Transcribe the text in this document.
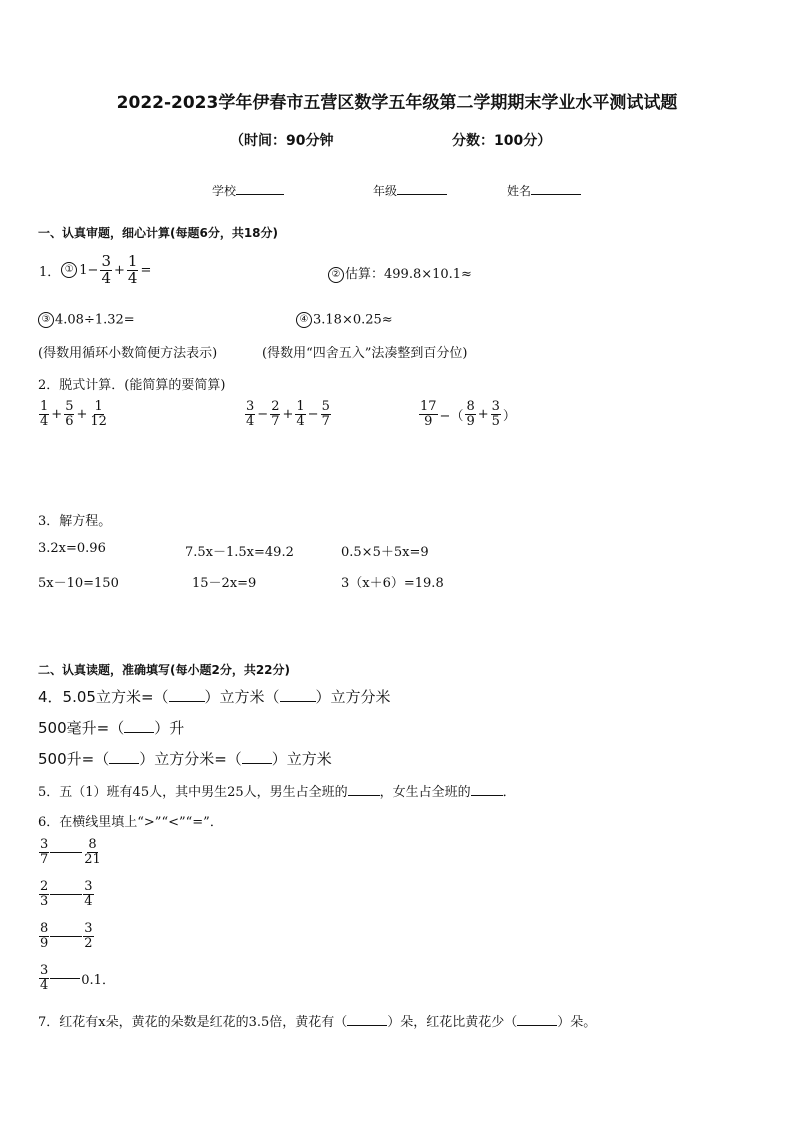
2022-2023学年伊春市五营区数学五年级第二学期期末学业水平测试试题
（时间：90分钟	分数：100分）
学校	年级	姓名
一、认真审题，细心计算(每题6分，共18分)
1． ① $1- \frac{3}{4} + \frac{1}{4}$ =	② 估算：499.8×10.1≈
③ 4.08÷1.32=	④ 3.18×0.25≈
(得数用循环小数简便方法表示)	(得数用“四舍五入”法凑整到百分位)
2．脱式计算．(能简算的要简算)
$\frac{1}{4} + \frac{5}{6} + \frac{1}{12}$	$\frac{3}{4} - \frac{2}{7} + \frac{1}{4} - \frac{5}{7}$	$\frac{17}{9}$ −（ $\frac{8}{9} + \frac{3}{5}$ ）
3．解方程。
3.2x=0.96	7.5x－1.5x=49.2	0.5×5＋5x=9
5x－10=150	15－2x=9	3（x＋6）=19.8
二、认真读题，准确填写(每小题2分，共22分)
4．5.05立方米=（ ）立方米（ ）立方分米
500毫升=（ ）升
500升=（ ）立方分米=（ ）立方米
5．五（1）班有45人，其中男生25人，男生占全班的 ，女生占全班的 ．
6．在横线里填上“>”“<”“=”．
$\frac{3}{7}$	$\frac{8}{21}$
$\frac{2}{3}$	$\frac{3}{4}$
$\frac{8}{9}$	$\frac{3}{2}$
$\frac{3}{4} 0.1$．
7．红花有x朵，黄花的朵数是红花的3.5倍，黄花有（	）朵，红花比黄花少（	）朵。
